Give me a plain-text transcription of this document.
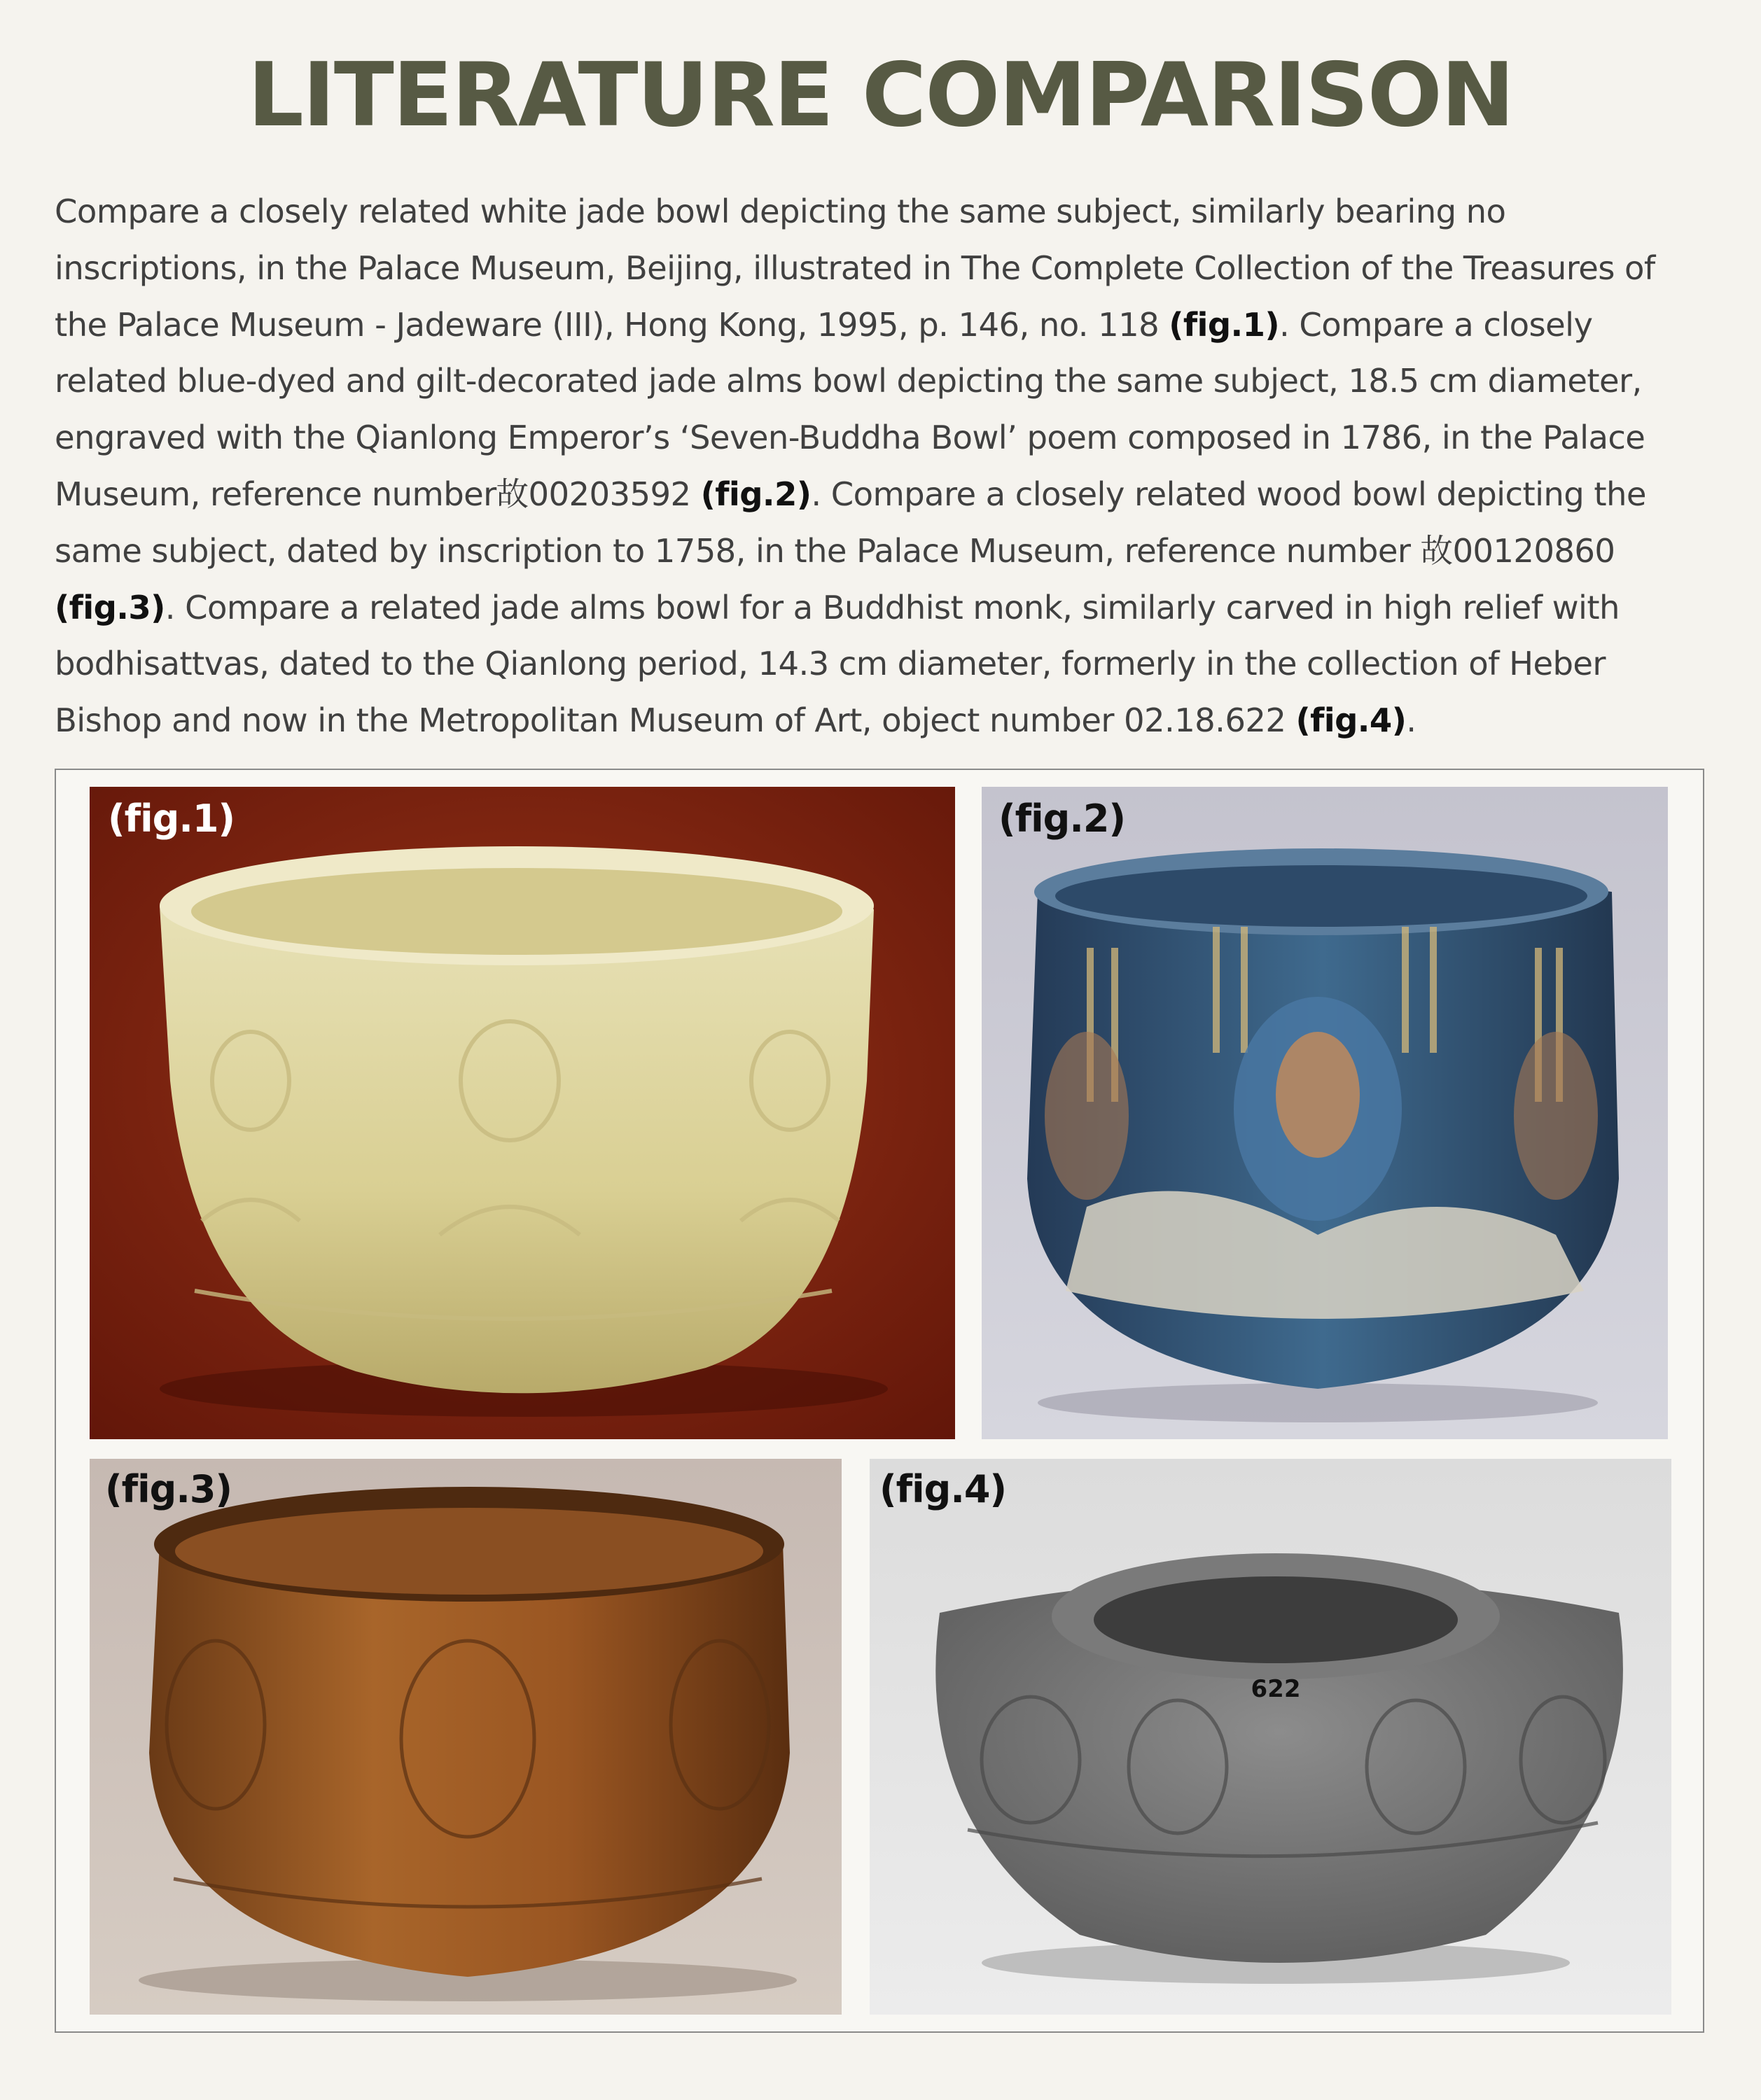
LITERATURE COMPARISON
Compare a closely related white jade bowl depicting the same subject, similarly bearing no inscriptions, in the Palace Museum, Beijing, illustrated in The Complete Collection of the Treasures of the Palace Museum - Jadeware (III), Hong Kong, 1995, p. 146, no. 118 (fig.1). Compare a closely related blue-dyed and gilt-decorated jade alms bowl depicting the same subject, 18.5 cm diameter, engraved with the Qianlong Emperor’s ‘Seven-Buddha Bowl’ poem composed in 1786, in the Palace Museum, reference number故00203592 (fig.2). Compare a closely related wood bowl depicting the same subject, dated by inscription to 1758, in the Palace Museum, reference number 故00120860 (fig.3). Compare a related jade alms bowl for a Buddhist monk, similarly carved in high relief with bodhisattvas, dated to the Qianlong period, 14.3 cm diameter, formerly in the collection of Heber Bishop and now in the Metropolitan Museum of Art, object number 02.18.622 (fig.4).
(fig.1)	(fig.2)
(fig.3)
622
(fig.4)
